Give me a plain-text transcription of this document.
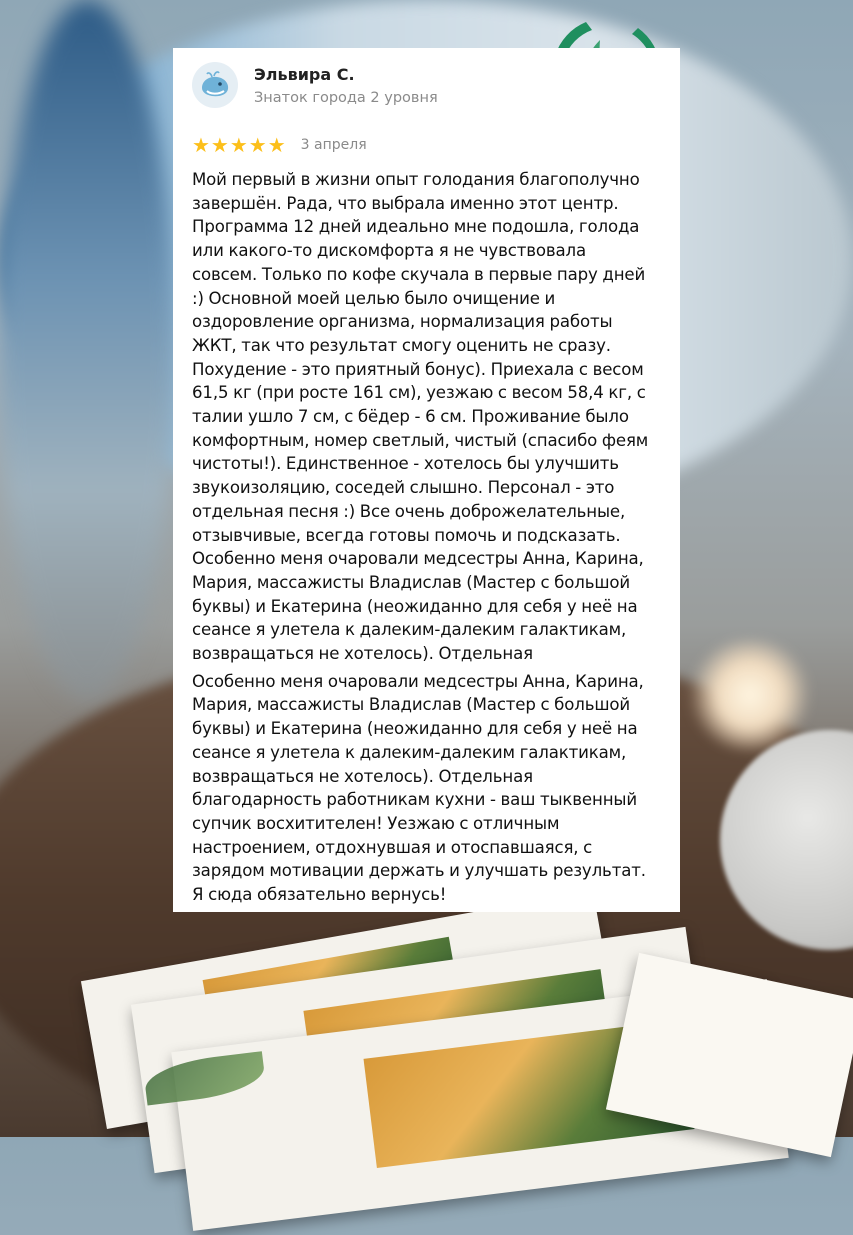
Эльвира С.
Знаток города 2 уровня
★★★★★ 3 апреля
Мой первый в жизни опыт голодания благополучно
завершён. Рада, что выбрала именно этот центр.
Программа 12 дней идеально мне подошла, голода
или какого-то дискомфорта я не чувствовала
совсем. Только по кофе скучала в первые пару дней
:) Основной моей целью было очищение и
оздоровление организма, нормализация работы
ЖКТ, так что результат смогу оценить не сразу.
Похудение - это приятный бонус). Приехала с весом
61,5 кг (при росте 161 см), уезжаю с весом 58,4 кг, с
талии ушло 7 см, с бёдер - 6 см. Проживание было
комфортным, номер светлый, чистый (спасибо феям
чистоты!). Единственное - хотелось бы улучшить
звукоизоляцию, соседей слышно. Персонал - это
отдельная песня :) Все очень доброжелательные,
отзывчивые, всегда готовы помочь и подсказать.
Особенно меня очаровали медсестры Анна, Карина,
Мария, массажисты Владислав (Мастер с большой
буквы) и Екатерина (неожиданно для себя у неё на
сеансе я улетела к далеким-далеким галактикам,
возвращаться не хотелось). Отдельная
Особенно меня очаровали медсестры Анна, Карина,
Мария, массажисты Владислав (Мастер с большой
буквы) и Екатерина (неожиданно для себя у неё на
сеансе я улетела к далеким-далеким галактикам,
возвращаться не хотелось). Отдельная
благодарность работникам кухни - ваш тыквенный
супчик восхитителен! Уезжаю с отличным
настроением, отдохнувшая и отоспавшаяся, с
зарядом мотивации держать и улучшать результат.
Я сюда обязательно вернусь!
